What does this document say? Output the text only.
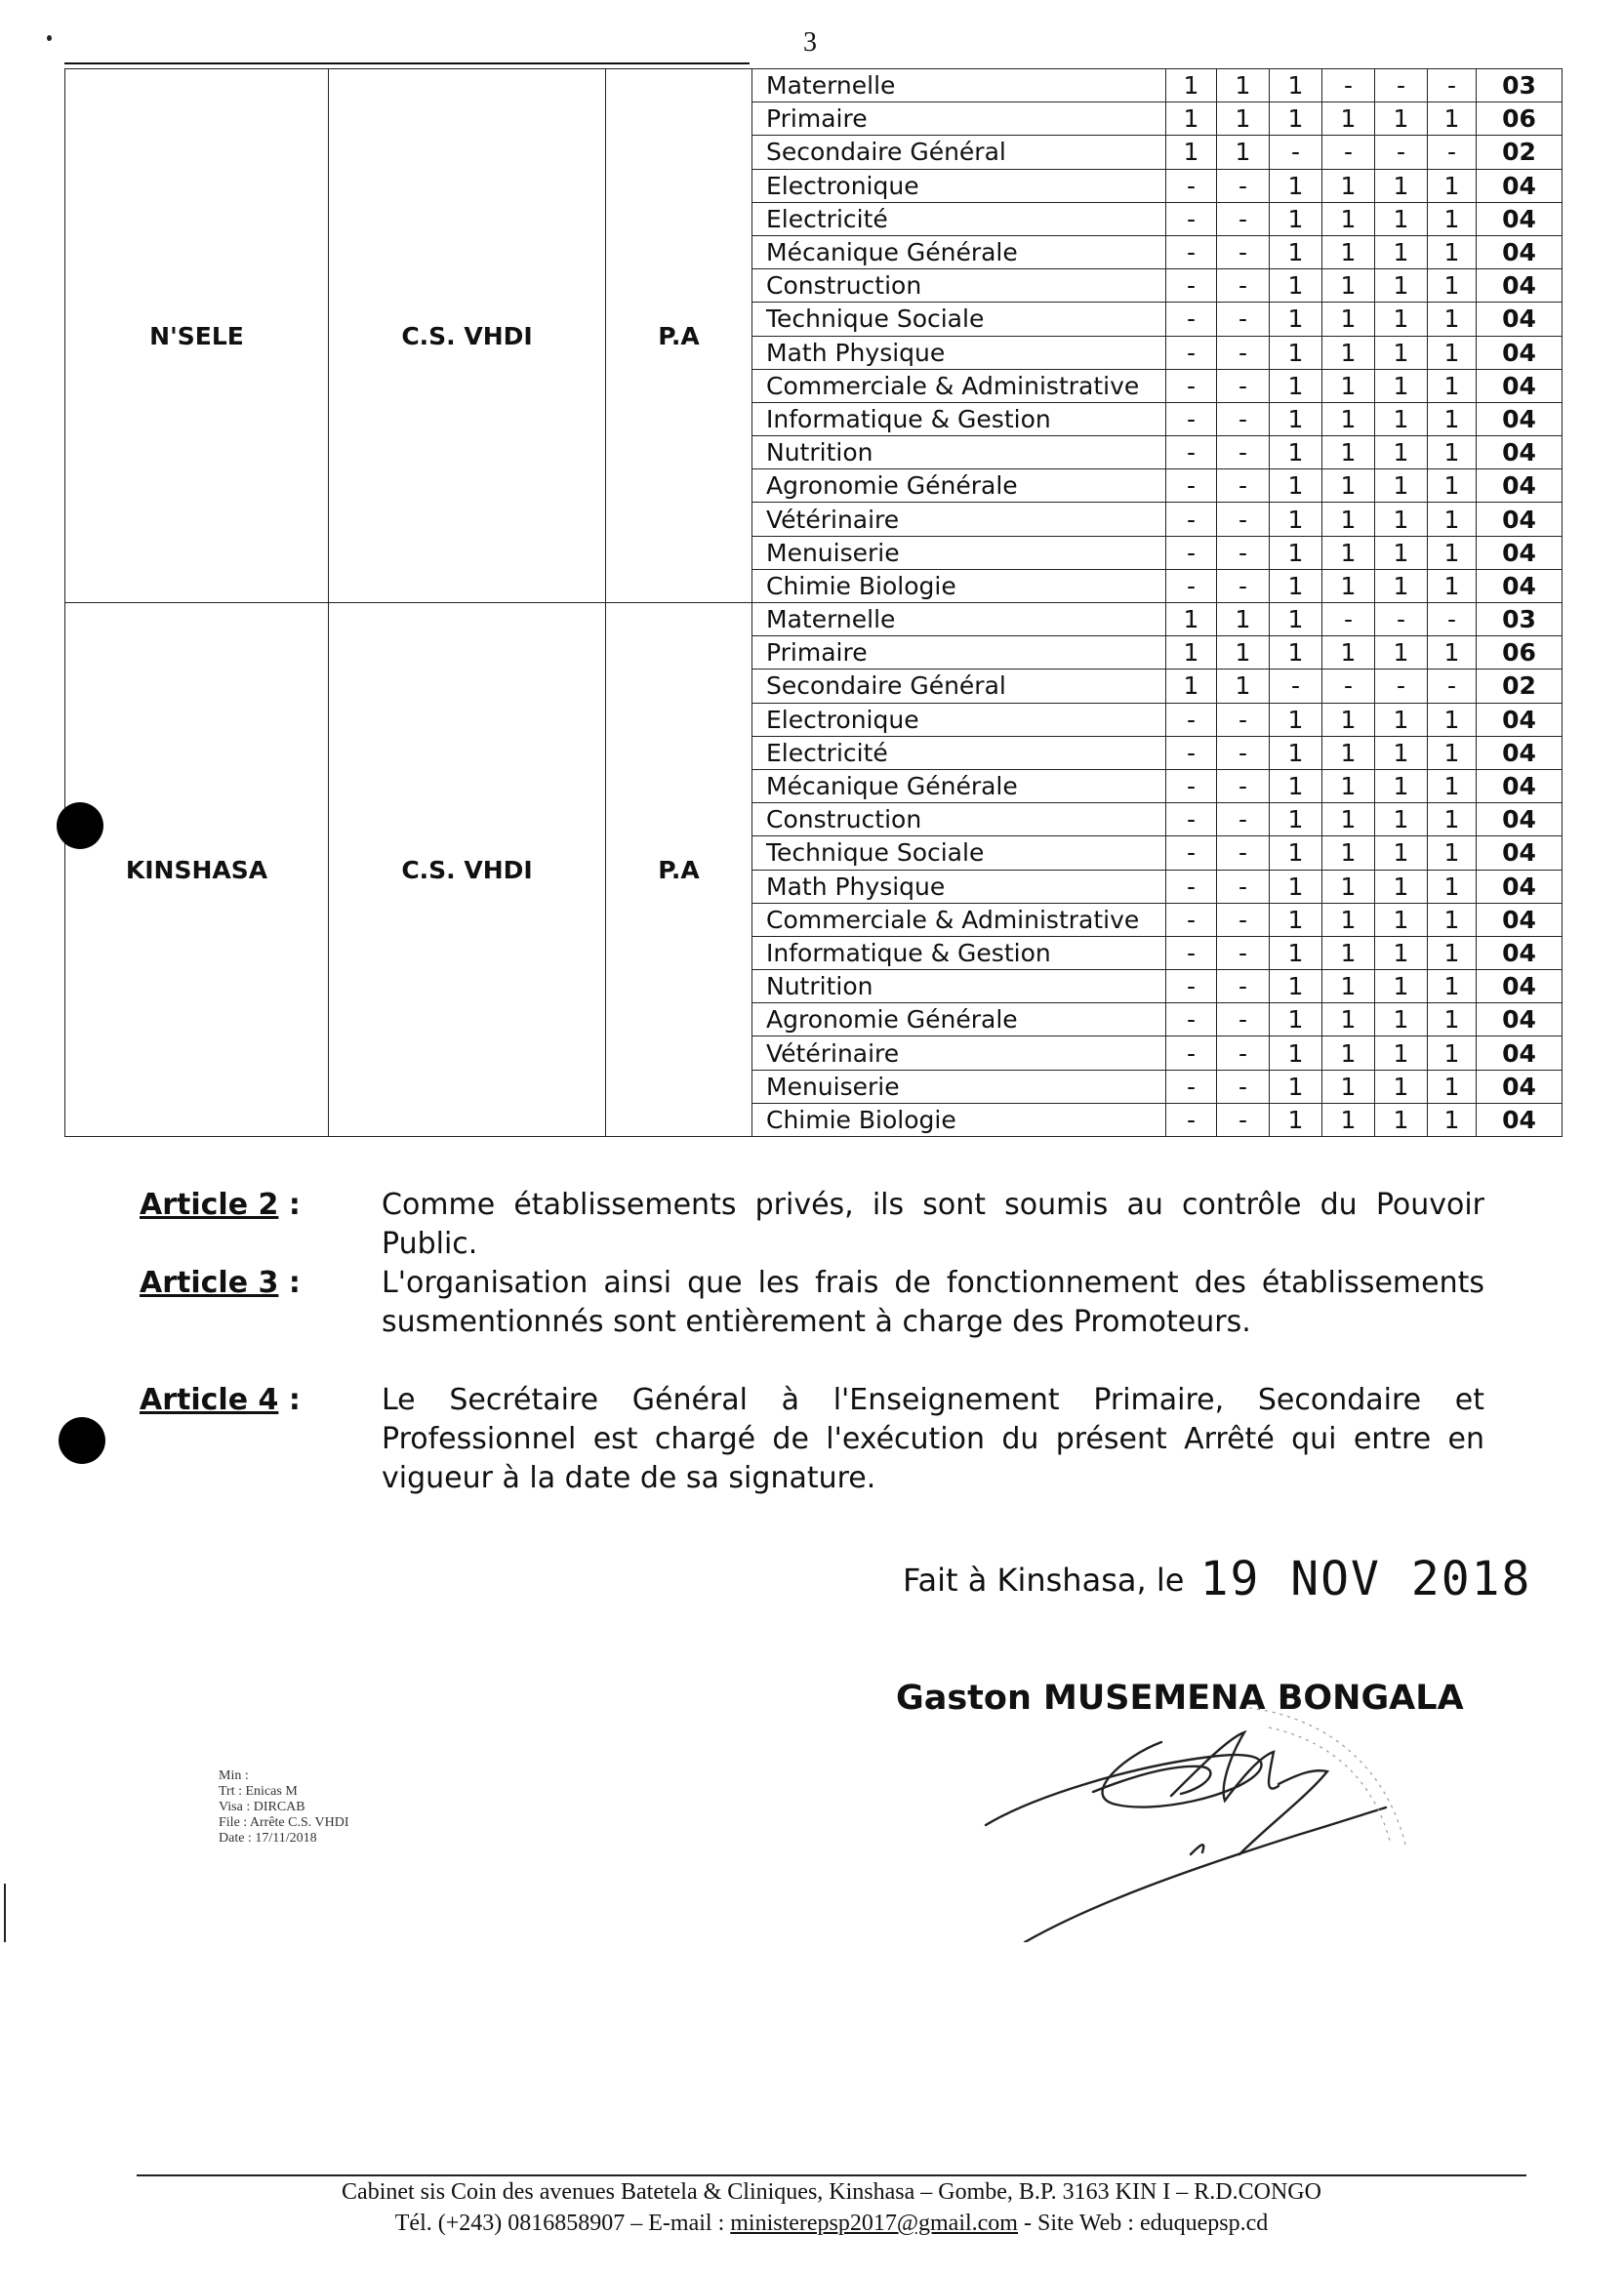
3
N'SELE	C.S. VHDI	P.A	Maternelle	1	1	1	-	-	-	03
			Primaire	1	1	1	1	1	1	06
			Secondaire Général	1	1	-	-	-	-	02
			Electronique	-	-	1	1	1	1	04
			Electricité	-	-	1	1	1	1	04
			Mécanique Générale	-	-	1	1	1	1	04
			Construction	-	-	1	1	1	1	04
			Technique Sociale	-	-	1	1	1	1	04
			Math Physique	-	-	1	1	1	1	04
			Commerciale & Administrative	-	-	1	1	1	1	04
			Informatique & Gestion	-	-	1	1	1	1	04
			Nutrition	-	-	1	1	1	1	04
			Agronomie Générale	-	-	1	1	1	1	04
			Vétérinaire	-	-	1	1	1	1	04
			Menuiserie	-	-	1	1	1	1	04
			Chimie Biologie	-	-	1	1	1	1	04
KINSHASA	C.S. VHDI	P.A	Maternelle	1	1	1	-	-	-	03
			Primaire	1	1	1	1	1	1	06
			Secondaire Général	1	1	-	-	-	-	02
			Electronique	-	-	1	1	1	1	04
			Electricité	-	-	1	1	1	1	04
			Mécanique Générale	-	-	1	1	1	1	04
			Construction	-	-	1	1	1	1	04
			Technique Sociale	-	-	1	1	1	1	04
			Math Physique	-	-	1	1	1	1	04
			Commerciale & Administrative	-	-	1	1	1	1	04
			Informatique & Gestion	-	-	1	1	1	1	04
			Nutrition	-	-	1	1	1	1	04
			Agronomie Générale	-	-	1	1	1	1	04
			Vétérinaire	-	-	1	1	1	1	04
			Menuiserie	-	-	1	1	1	1	04
			Chimie Biologie	-	-	1	1	1	1	04
Article 2 :	Comme établissements privés, ils sont soumis au contrôle du Pouvoir Public.
Article 3 :	L'organisation ainsi que les frais de fonctionnement des établissements susmentionnés sont entièrement à charge des Promoteurs.
Article 4 :	Le Secrétaire Général à l'Enseignement Primaire, Secondaire et Professionnel est chargé de l'exécution du présent Arrêté qui entre en vigueur à la date de sa signature.
Fait à Kinshasa, le 19 NOV 2018
Gaston MUSEMENA BONGALA
Min :
Trt : Enicas M
Visa : DIRCAB
File : Arrête C.S. VHDI
Date : 17/11/2018
Cabinet sis Coin des avenues Batetela & Cliniques, Kinshasa – Gombe, B.P. 3163 KIN I – R.D.CONGO
Tél. (+243) 0816858907 – E-mail : ministerepsp2017@gmail.com - Site Web : eduquepsp.cd
